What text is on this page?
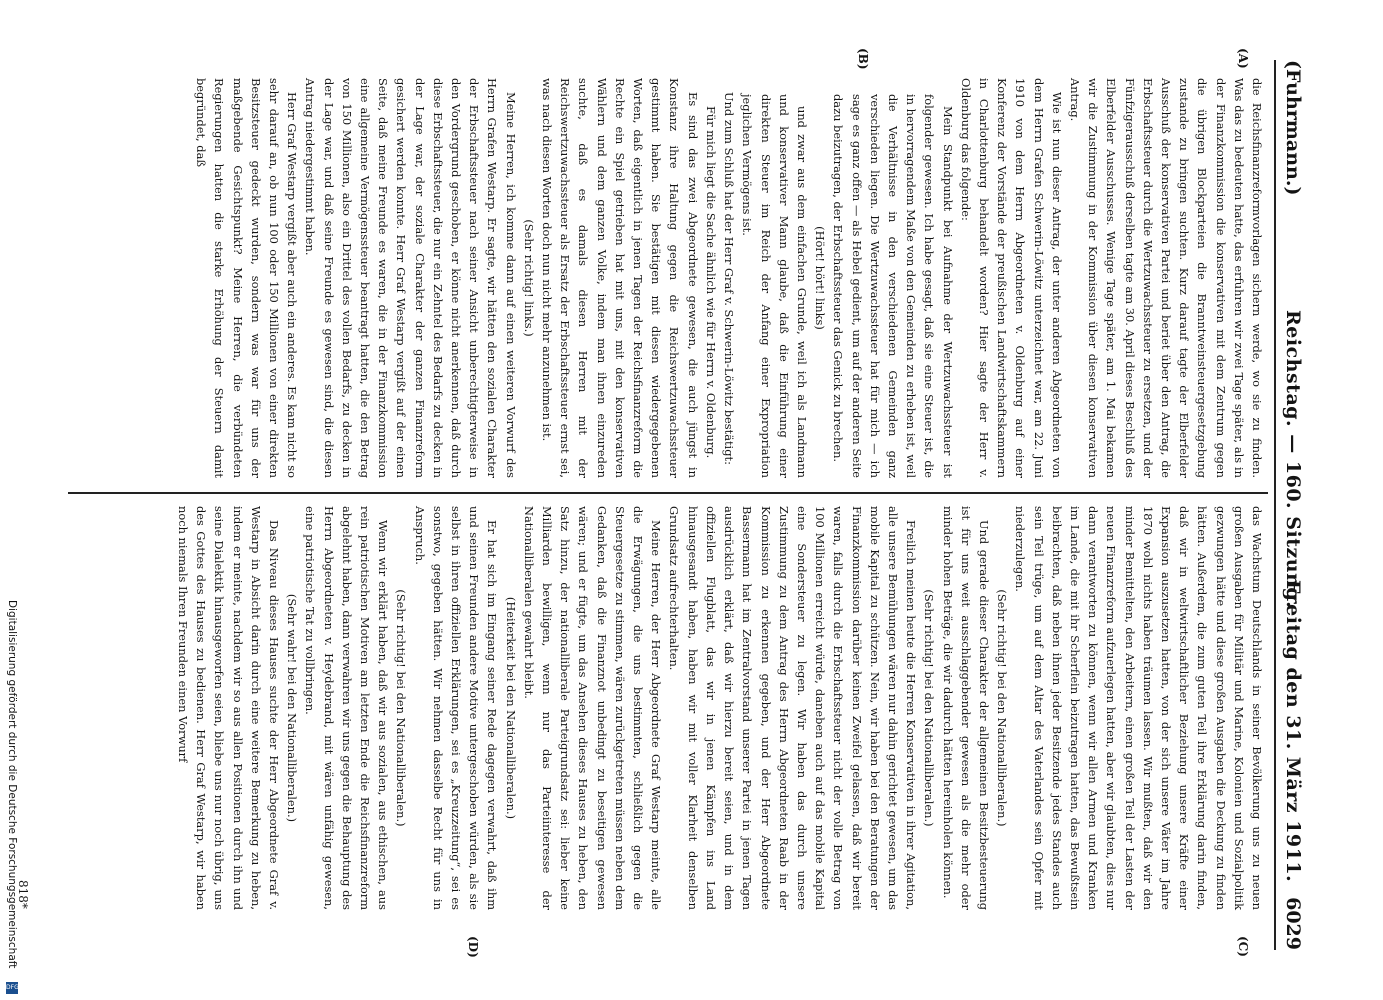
(Fuhrmann.)
Reichstag. — 160. Sitzung.
Freitag den 31. März 1911.
6029
(A)
(B)
(C)
(D)

die Reichsfinanzreformvorlagen sichern werde, wo sie zu finden. Was das zu bedeuten hatte, das erfuhren wir zwei Tage später, als in der Finanzkommission die konservativen mit dem Zentrum gegen die übrigen Blockparteien die Branntweinsteuergesetzgebung zustande zu bringen suchten. Kurz darauf tagte der Elberfelder Ausschuß der konservativen Partei und beriet über den Antrag, die Erbschaftssteuer durch die Wertzuwachssteuer zu ersetzen, und der Fünfzigerausschuß derselben tagte am 30. April dieses Beschluß des Elberfelder Ausschusses. Wenige Tage später, am 1. Mai bekamen wir die Zustimmung in der Kommission über diesen konservativen Antrag.

Wie ist nun dieser Antrag, der unter anderen Abgeordneten von dem Herrn Grafen Schwerin-Löwitz unterzeichnet war, am 22. Juni 1910 von dem Herrn Abgeordneten v. Oldenburg auf einer Konferenz der Vorstände der preußischen Landwirtschaftskammern in Charlottenburg behandelt worden? Hier sagte der Herr v. Oldenburg das folgende:

Mein Standpunkt bei Aufnahme der Wertzuwachssteuer ist folgender gewesen. Ich habe gesagt, daß sie eine Steuer ist, die in hervorragendem Maße von den Gemeinden zu erheben ist, weil die Verhältnisse in den verschiedenen Gemeinden ganz verschieden liegen. Die Wertzuwachssteuer hat für mich — ich sage es ganz offen — als Hebel gedient, um auf der anderen Seite dazu beizutragen, der Erbschaftssteuer das Genick zu brechen.

(Hört! hört! links)

und zwar aus dem einfachen Grunde, weil ich als Landmann und konservativer Mann glaube, daß die Einführung einer direkten Steuer im Reich der Anfang einer Expropriation jeglichen Vermögens ist.

Und zum Schluß hat der Herr Graf v. Schwerin-Löwitz bestätigt:

Für mich liegt die Sache ähnlich wie für Herrn v. Oldenburg.

Es sind das zwei Abgeordnete gewesen, die auch jüngst in Konstanz ihre Haltung gegen die Reichswertzuwachssteuer gestimmt haben. Sie bestätigen mit diesen wiedergegebenen Worten, daß eigentlich in jenen Tagen der Reichsfinanzreform die Rechte ein Spiel getrieben hat mit uns, mit den konservativen Wählern und dem ganzen Volke, indem man ihnen einzureden suchte, daß es damals diesen Herren mit der Reichswertzuwachssteuer als Ersatz der Erbschaftssteuer ernst sei, was nach diesen Worten doch nun nicht mehr anzunehmen ist.

(Sehr richtig! links.)

Meine Herren, ich komme dann auf einen weiteren Vorwurf des Herrn Grafen Westarp. Er sagte, wir hätten den sozialen Charakter der Erbschaftssteuer nach seiner Ansicht unberechtigterweise in den Vordergrund geschoben, er könne nicht anerkennen, daß durch diese Erbschaftssteuer, die nur ein Zehntel des Bedarfs zu decken in der Lage war, der soziale Charakter der ganzen Finanzreform gesichert werden konnte. Herr Graf Westarp vergißt auf der einen Seite, daß meine Freunde es waren, die in der Finanzkommission eine allgemeine Vermögenssteuer beantragt hatten, die den Betrag von 150 Millionen, also ein Drittel des vollen Bedarfs, zu decken in der Lage war, und daß seine Freunde es gewesen sind, die diesen Antrag niedergestimmt haben.

Herr Graf Westarp vergißt aber auch ein anderes. Es kam nicht so sehr darauf an, ob nun 100 oder 150 Millionen von einer direkten Besitzsteuer gedeckt wurden, sondern was war für uns der maßgebende Gesichtspunkt? Meine Herren, die verbündeten Regierungen hatten die starke Erhöhung der Steuern damit begründet, daß

das Wachstum Deutschlands in seiner Bevölkerung uns zu neuen großen Ausgaben für Militär und Marine, Kolonien und Sozialpolitik gezwungen hätte und diese großen Ausgaben die Deckung zu finden hätten. Außerdem, die zum guten Teil ihre Erklärung darin finden, daß wir in weltwirtschaftlicher Beziehung unsere Kräfte einer Expansion auszusetzen hatten, von der sich unsere Väter im Jahre 1870 wohl nichts haben träumen lassen. Wir mußten, daß wir den minder Bemittelten, den Arbeitern, einen großen Teil der Lasten der neuen Finanzreform aufzuerlegen hatten, aber wir glaubten, dies nur dann verantworten zu können, wenn wir allen Armen und Kranken im Lande, die mit ihr Scherflein beizutragen hatten, das Bewußtsein beibrachten, daß neben ihnen jeder Besitzende jedes Standes auch sein Teil trüge, um auf dem Altar des Vaterlandes sein Opfer mit niederzulegen.

(Sehr richtig! bei den Nationalliberalen.)

Und gerade dieser Charakter der allgemeinen Besitzbesteuerung ist für uns weit ausschlaggebender gewesen als die mehr oder minder hohen Beträge, die wir dadurch hätten hereinholen können.

(Sehr richtig! bei den Nationalliberalen.)

Freilich meinen heute die Herren Konservativen in ihrer Agitation, alle unsere Bemühungen wären nur dahin gerichtet gewesen, um das mobile Kapital zu schützen. Nein, wir haben bei den Beratungen der Finanzkommission darüber keinen Zweifel gelassen, daß wir bereit waren, falls durch die Erbschaftssteuer nicht der volle Betrag von 100 Millionen erreicht würde, daneben auch auf das mobile Kapital eine Sondersteuer zu legen. Wir haben das durch unsere Zustimmung zu dem Antrag des Herrn Abgeordneten Raab in der Kommission zu erkennen gegeben, und der Herr Abgeordnete Bassermann hat im Zentralvorstand unserer Partei in jenen Tagen ausdrücklich erklärt, daß wir hierzu bereit seien, und in dem offiziellen Flugblatt, das wir in jenen Kämpfen ins Land hinausgesandt haben, haben wir mit voller Klarheit denselben Grundsatz aufrechterhalten.

Meine Herren, der Herr Abgeordnete Graf Westarp meinte, alle die Erwägungen, die uns bestimmten, schließlich gegen die Steuergesetze zu stimmen, wären zurückgetreten müssen neben dem Gedanken, daß die Finanznot unbedingt zu beseitigen gewesen wären; und er fügte, um das Ansehen dieses Hauses zu heben, den Satz hinzu, der nationalliberale Parteigrundsatz sei: lieber keine Milliarden bewilligen, wenn nur das Parteiinteresse der Nationalliberalen gewahrt bleibt.

(Heiterkeit bei den Nationalliberalen.)

Er hat sich im Eingang seiner Rede dagegen verwahrt, daß ihm und seinen Freunden andere Motive untergeschoben würden, als sie selbst in ihren offiziellen Erklärungen, sei es „Kreuzzeitung“, sei es sonstwo, gegeben hätten. Wir nehmen dasselbe Recht für uns in Anspruch.

(Sehr richtig! bei den Nationalliberalen.)

Wenn wir erklärt haben, daß wir aus sozialen, aus ethischen, aus rein patriotischen Motiven am letzten Ende die Reichsfinanzreform abgelehnt haben, dann verwahren wir uns gegen die Behauptung des Herrn Abgeordneten v. Heydebrand, mit wären unfähig gewesen, eine patriotische Tat zu vollbringen.

(Sehr wahr! bei den Nationalliberalen.)

Das Niveau dieses Hauses suchte der Herr Abgeordnete Graf v. Westarp in Absicht darin durch eine weitere Bemerkung zu heben, indem er meinte, nachdem wir so aus allen Positionen durch ihn und seine Dialektik hinausgeworfen seien, bliebe uns nur noch übrig, uns des Gottes des Hauses zu bedienen. Herr Graf Westarp, wir haben noch niemals Ihren Freunden einen Vorwurf

818*
Digitalisierung gefördert durch die Deutsche Forschungsgemeinschaft
DFG
